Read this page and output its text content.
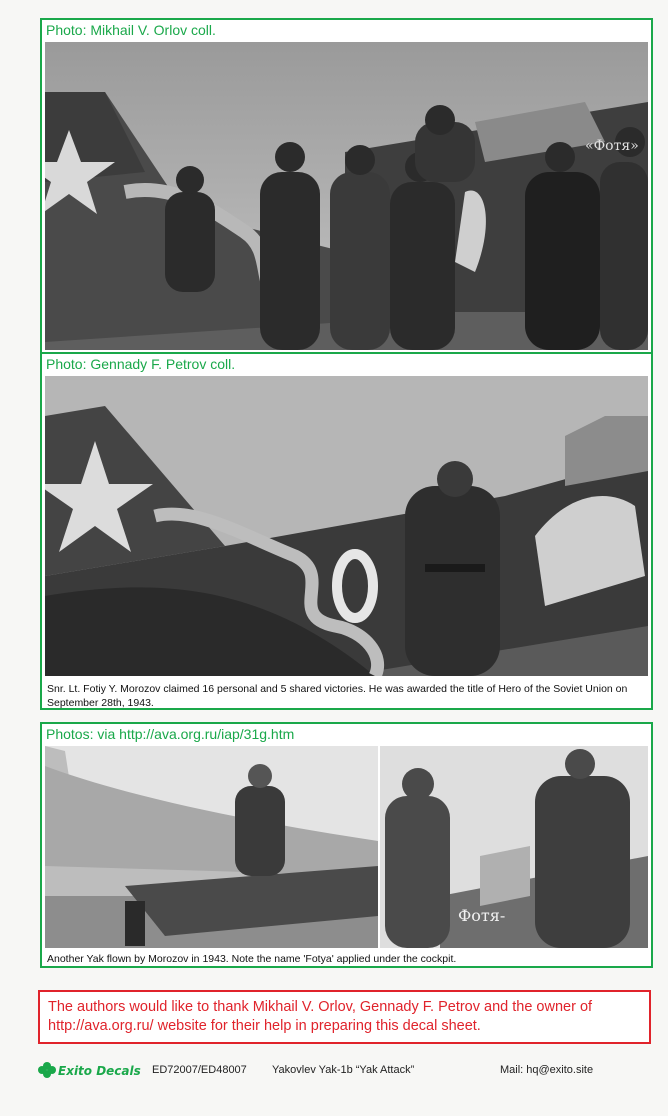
Photo: Mikhail V. Orlov coll.
«Фотя»
Photo: Gennady F. Petrov coll.
Snr. Lt. Fotiy Y. Morozov claimed 16 personal and 5 shared victories. He was awarded the title of Hero of the Soviet Union on September 28th, 1943.
Photos: via http://ava.org.ru/iap/31g.htm
Фотя-
Another Yak flown by Morozov in 1943. Note the name 'Fotya' applied under the cockpit.
The authors would like to thank Mikhail V. Orlov, Gennady F. Petrov and the owner of http://ava.org.ru/ website for their help in preparing this decal sheet.
Exito Decals ED72007/ED48007 Yakovlev Yak-1b “Yak Attack”	Mail: hq@exito.site
